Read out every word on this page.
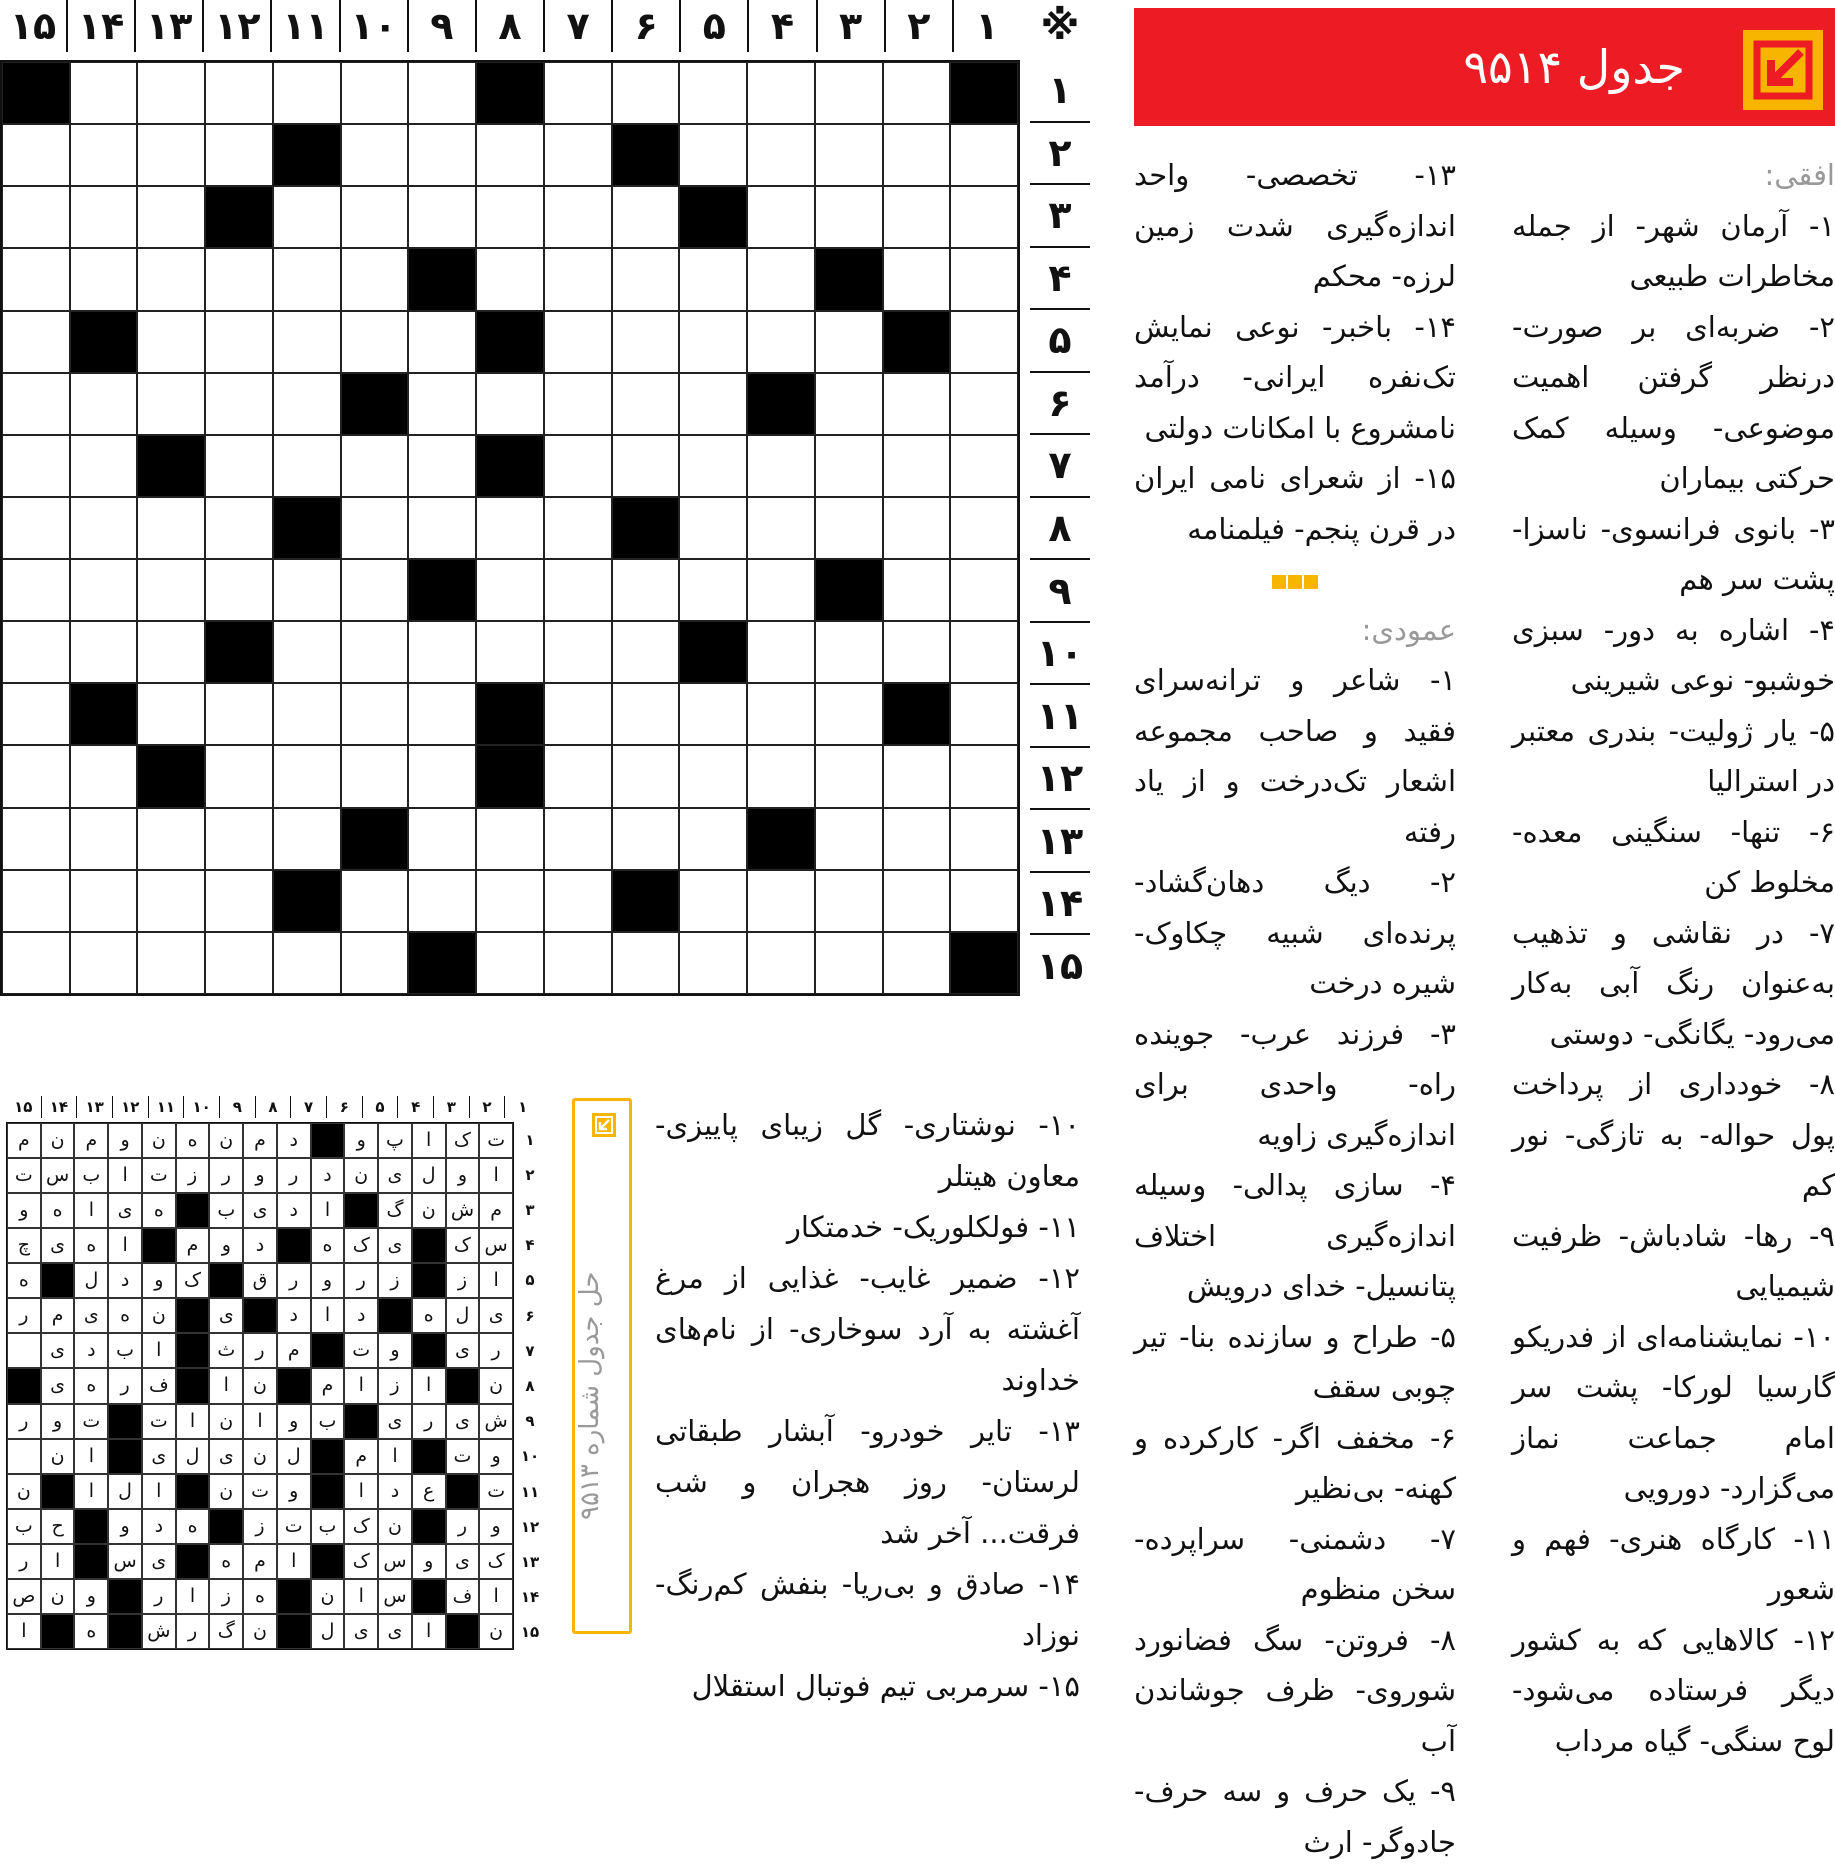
۱
۲
۳
۴
۵
۶
۷
۸
۹
۱۰
۱۱
۱۲
۱۳
۱۴
۱۵	※
۱
۲
۳
۴
۵
۶
۷
۸
۹
۱۰
۱۱
۱۲
۱۳
۱۴
۱۵
جدول ۹۵۱۴

افقی:

۱- آرمان شهر- از جمله مخاطرات طبیعی

۲- ضربه‌ای بر صورت- درنظر گرفتن اهمیت موضوعی- وسیله کمک حرکتی بیماران

۳- بانوی فرانسوی- ناسزا- پشت سر هم

۴- اشاره به دور- سبزی خوشبو- نوعی شیرینی

۵- یار ژولیت- بندری معتبر در استرالیا

۶- تنها- سنگینی معده- مخلوط کن

۷- در نقاشی و تذهیب به‌عنوان رنگ آبی به‌کار می‌رود- یگانگی- دوستی

۸- خودداری از پرداخت پول حواله- به تازگی- نور کم

۹- رها- شادباش- ظرفیت شیمیایی

۱۰- نمایشنامه‌ای از فدریکو گارسیا لورکا- پشت سر امام جماعت نماز می‌گزارد- دورویی

۱۱- کارگاه هنری- فهم و شعور

۱۲- کالاهایی که به کشور دیگر فرستاده می‌شود- لوح سنگی- گیاه مرداب

۱۳- تخصصی- واحد اندازه‌گیری شدت زمین لرزه- محکم

۱۴- باخبر- نوعی نمایش تک‌نفره ایرانی- درآمد نامشروع با امکانات دولتی

۱۵- از شعرای نامی ایران در قرن پنجم- فیلمنامه

عمودی:

۱- شاعر و ترانه‌سرای فقید و صاحب مجموعه اشعار تک‌درخت و از یاد رفته

۲- دیگ دهان‌گشاد- پرنده‌ای شبیه چکاوک- شیره درخت

۳- فرزند عرب- جوینده راه- واحدی برای اندازه‌گیری زاویه

۴- سازی پدالی- وسیله اندازه‌گیری اختلاف پتانسیل- خدای درویش

۵- طراح و سازنده بنا- تیر چوبی سقف

۶- مخفف اگر- کارکرده و کهنه- بی‌نظیر

۷- دشمنی- سراپرده- سخن منظوم

۸- فروتن- سگ فضانورد شوروی- ظرف جوشاندن آب

۹- یک حرف و سه حرف- جادوگر- ارث

۱۰- نوشتاری- گل زیبای پاییزی- معاون هیتلر

۱۱- فولکلوریک- خدمتکار

۱۲- ضمیر غایب- غذایی از مرغ آغشته به آرد سوخاری- از نام‌های خداوند

۱۳- تایر خودرو- آبشار طبقاتی لرستان- روز هجران و شب فرقت... آخر شد

۱۴- صادق و بی‌ریا- بنفش کم‌رنگ- نوزاد

۱۵- سرمربی تیم فوتبال استقلال

۱
۲
۳
۴
۵
۶
۷
۸
۹
۱۰
۱۱
۱۲
۱۳
۱۴
۱۵
ت
ک
ا
پ
و
د
م
ن
ه
ن
و
م
ن
م
ا
و
ل
ی
ن
د
ر
و
ر
ز
ت
ا
ب
س
ت
م
ش
ن
گ
ا
د
ی
ب
ه
ی
ا
ه
و
س
ک
ی
ک
ه
د
و
م
ا
ه
ی
چ
ا
ز
ز
ر
و
ر
ق
ک
و
د
ل
ه
ی
ل
ه
د
ا
د
ی
ن
ه
ی
م
ر
ر
ی
و
ت
م
ر
ث
ا
ب
د
ی
ن
ا
ز
ا
م
ن
ا
ف
ر
ه
ی
ش
ی
ر
ی
ب
و
ا
ن
ا
ت
ت
و
ر
و
ت
ا
م
ل
ن
ی
ل
ی
ا
ن
ت
ع
د
ا
و
ت
ن
ا
ل
ا
ن
و
ر
ن
ک
ب
ت
ز
ه
د
و
ح
ب
ک
ی
و
س
ک
ا
م
ه
ی
س
ا
ر
ا
ف
س
ا
ن
ه
ز
ا
ر
و
ن
ص
ن
ا
ی
ی
ل
ن
گ
ر
ش
ه
ا
۱
۲
۳
۴
۵
۶
۷
۸
۹
۱۰
۱۱
۱۲
۱۳
۱۴
۱۵
حل جدول شماره ۹۵۱۳
